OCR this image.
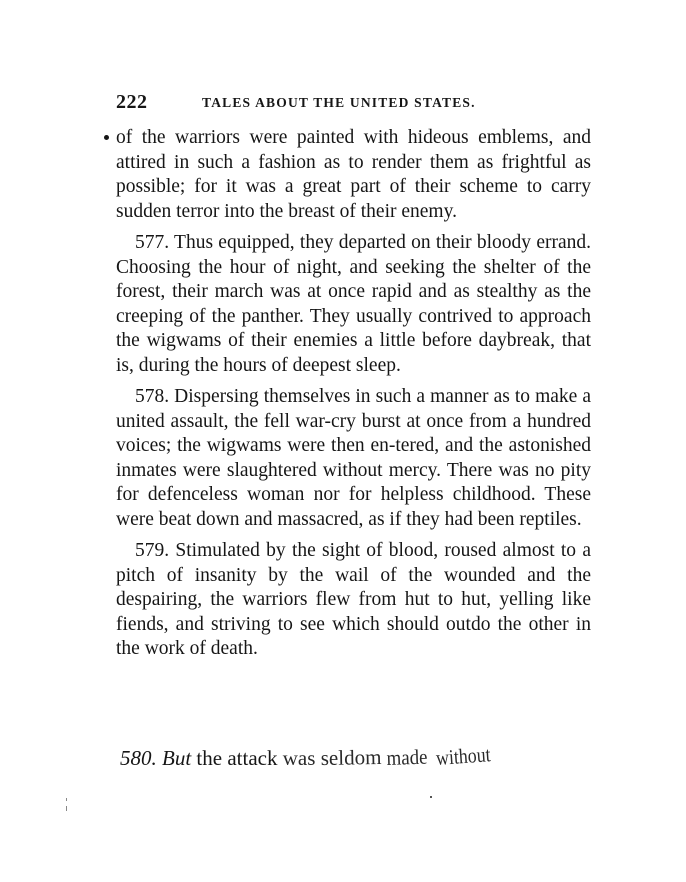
222	TALES ABOUT THE UNITED STATES.

of the warriors were painted with hideous emblems, and attired in such a fashion as to render them as frightful as possible; for it was a great part of their scheme to carry sudden terror into the breast of their enemy.

577. Thus equipped, they departed on their bloody errand. Choosing the hour of night, and seeking the shelter of the forest, their march was at once rapid and as stealthy as the creeping of the panther. They usually contrived to approach the wigwams of their enemies a little before daybreak, that is, during the hours of deepest sleep.

578. Dispersing themselves in such a manner as to make a united assault, the fell war-cry burst at once from a hundred voices; the wigwams were then en-tered, and the astonished inmates were slaughtered without mercy. There was no pity for defenceless woman nor for helpless childhood. These were beat down and massacred, as if they had been reptiles.

579. Stimulated by the sight of blood, roused almost to a pitch of insanity by the wail of the wounded and the despairing, the warriors flew from hut to hut, yelling like fiends, and striving to see which should outdo the other in the work of death.

580. But the attack was seldom made without
